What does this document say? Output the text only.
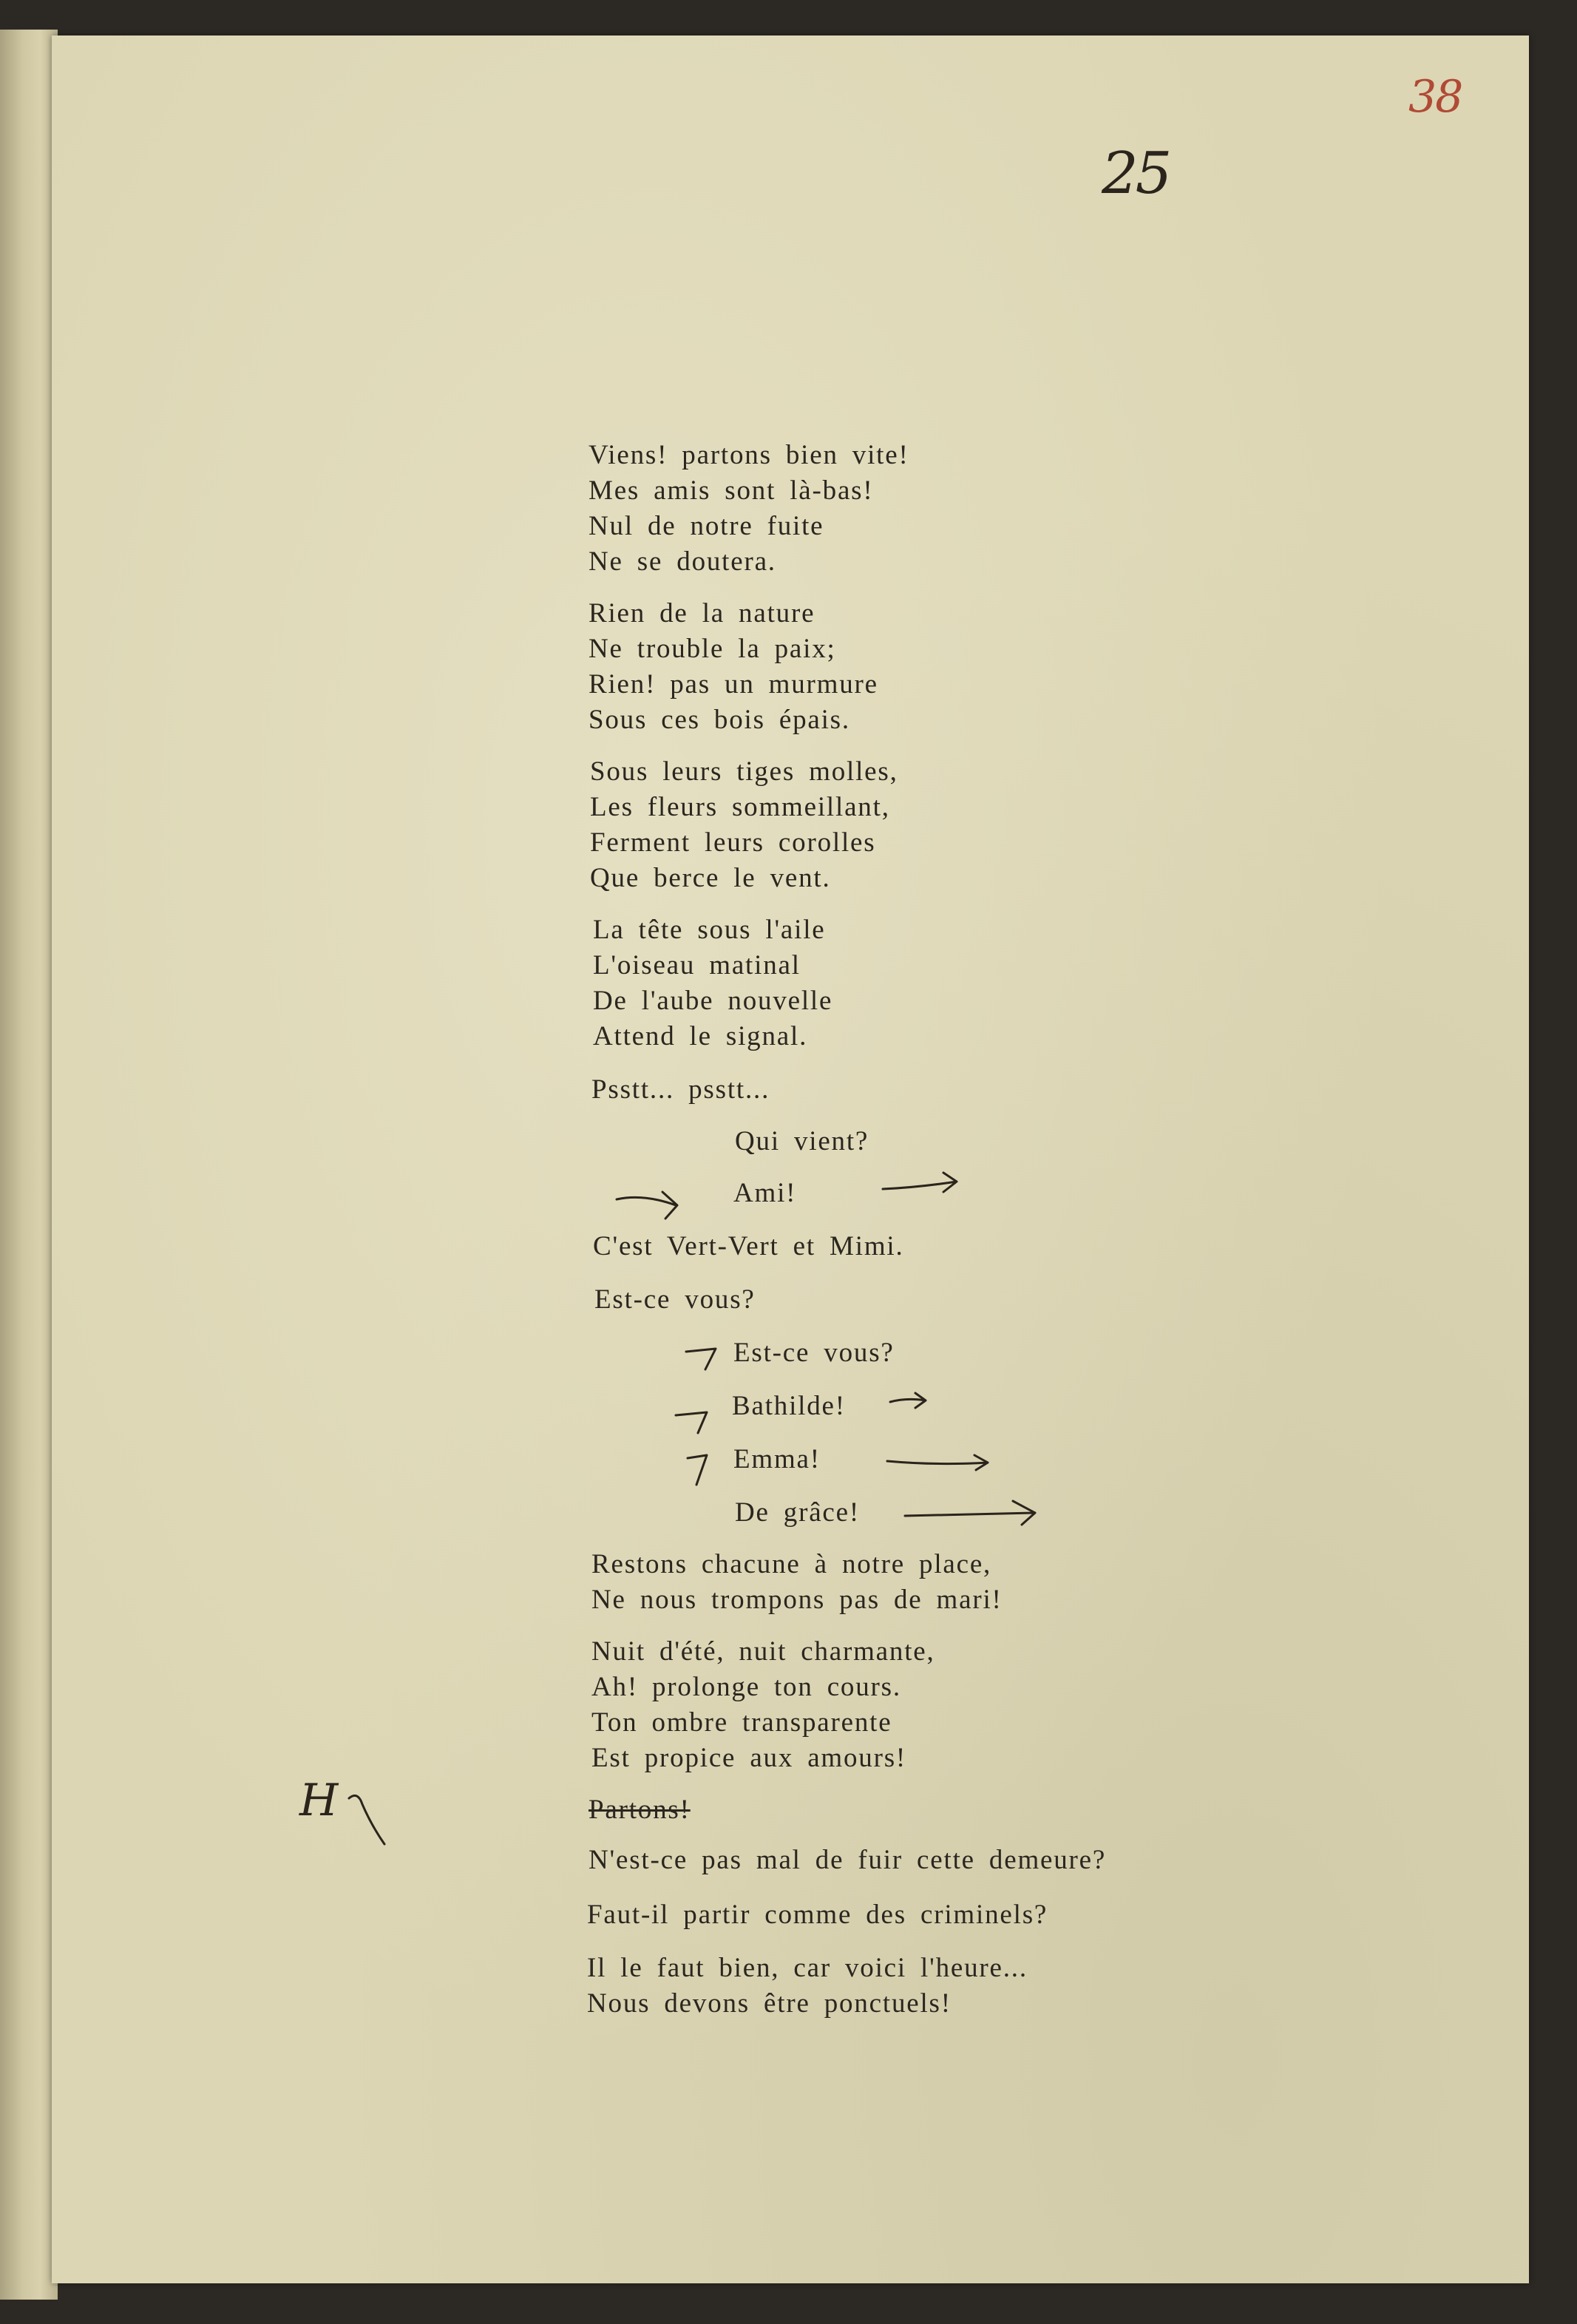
38
25
H
Viens! partons bien vite!
Mes amis sont là-bas!
Nul de notre fuite
Ne se doutera.
Rien de la nature
Ne trouble la paix;
Rien! pas un murmure
Sous ces bois épais.
Sous leurs tiges molles,
Les fleurs sommeillant,
Ferment leurs corolles
Que berce le vent.
La tête sous l'aile
L'oiseau matinal
De l'aube nouvelle
Attend le signal.
Psstt... psstt...
Qui vient?
Ami!
C'est Vert-Vert et Mimi.
Est-ce vous?
Est-ce vous?
Bathilde!
Emma!
De grâce!
Restons chacune à notre place,
Ne nous trompons pas de mari!
Nuit d'été, nuit charmante,
Ah! prolonge ton cours.
Ton ombre transparente
Est propice aux amours!
Partons!
N'est-ce pas mal de fuir cette demeure?
Faut-il partir comme des criminels?
Il le faut bien, car voici l'heure...
Nous devons être ponctuels!
